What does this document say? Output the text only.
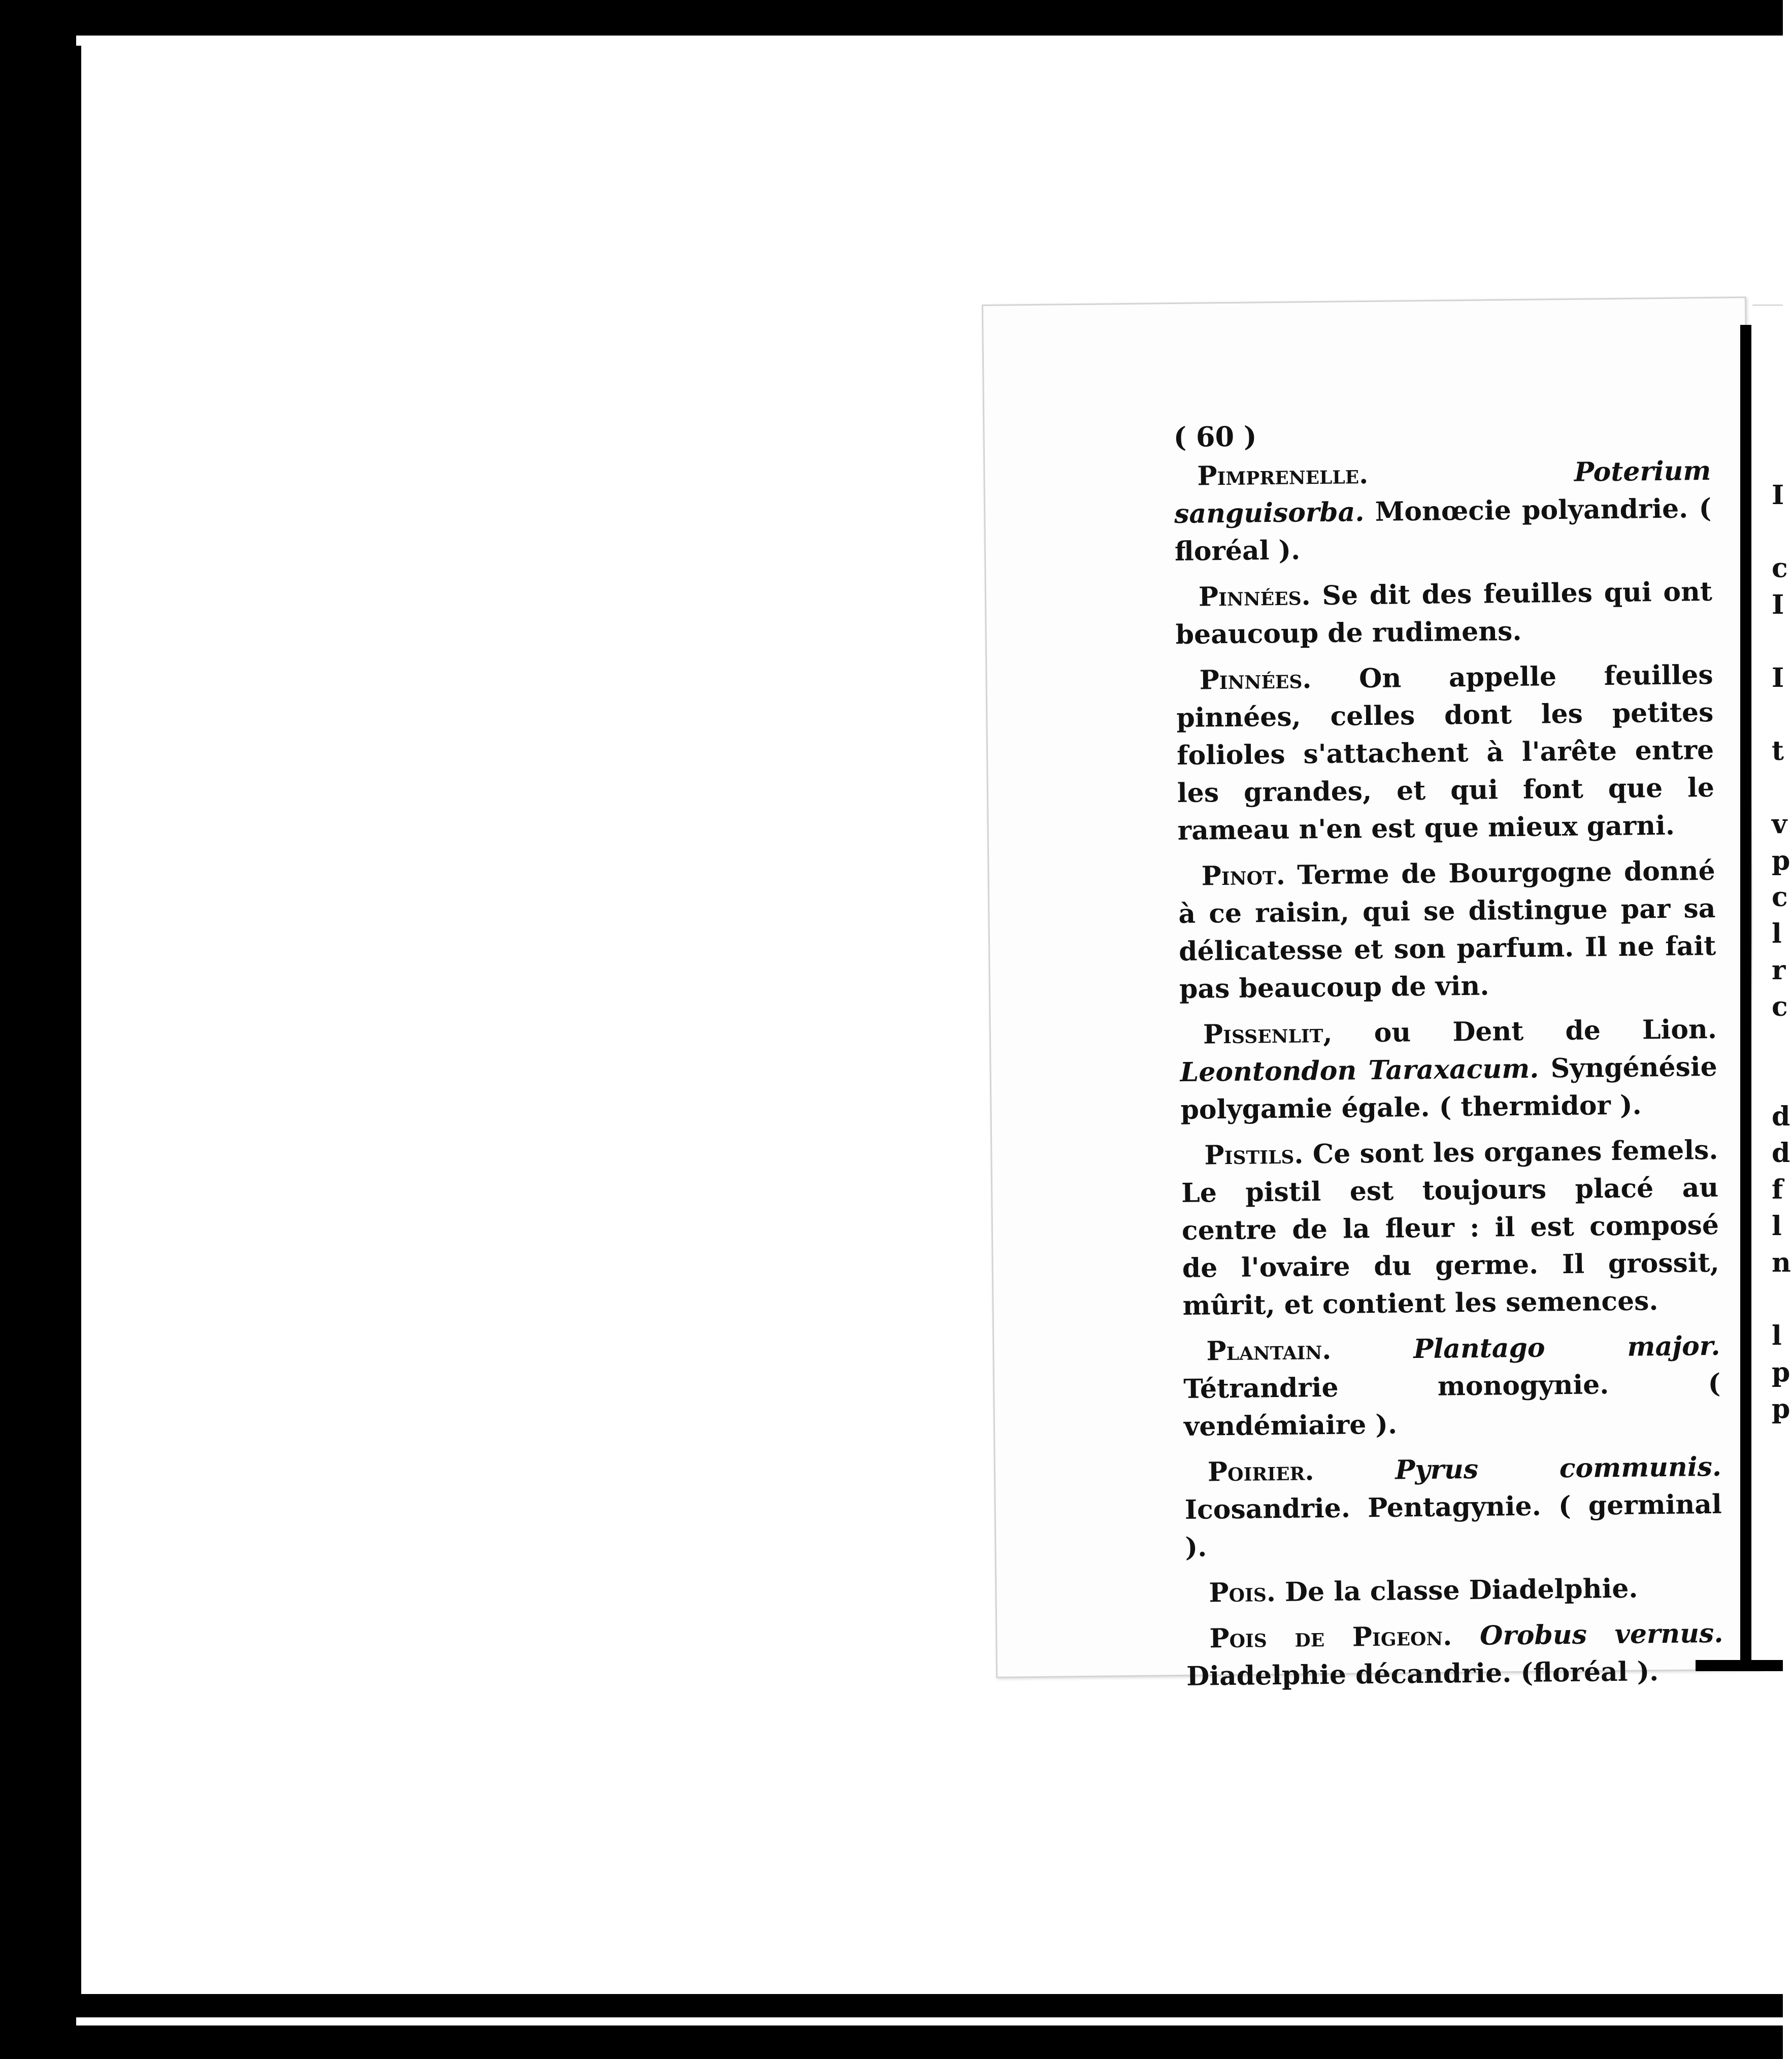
( 60 )

Pimprenelle.	Poterium sanguisorba. Monœcie polyandrie. ( floréal ).

Pinnées. Se dit des feuilles qui ont beaucoup de rudimens.

Pinnées. On appelle feuilles pinnées, celles dont les petites folioles s'attachent à l'arête entre les grandes, et qui font que le rameau n'en est que mieux garni.

Pinot. Terme de Bourgogne donné à ce raisin, qui se distingue par sa délicatesse et son parfum. Il ne fait pas beaucoup de vin.

Pissenlit, ou Dent de Lion. Leontondon Taraxacum. Syngénésie polygamie égale. ( thermidor ).

Pistils. Ce sont les organes femels. Le pistil est toujours placé au centre de la fleur : il est composé de l'ovaire du germe. Il grossit, mûrit, et contient les semences.

Plantain.	Plantago major. Tétrandrie monogynie. ( vendémiaire ).

Poirier.	Pyrus communis. Icosandrie. Pentagynie. ( germinal ).

Pois. De la classe Diadelphie.

Pois de Pigeon. Orobus vernus. Diadelphie décandrie. (floréal ).

I

c
I

I

t

v
p
c
l
r
c

d
d
f
l
n

l
p
p
